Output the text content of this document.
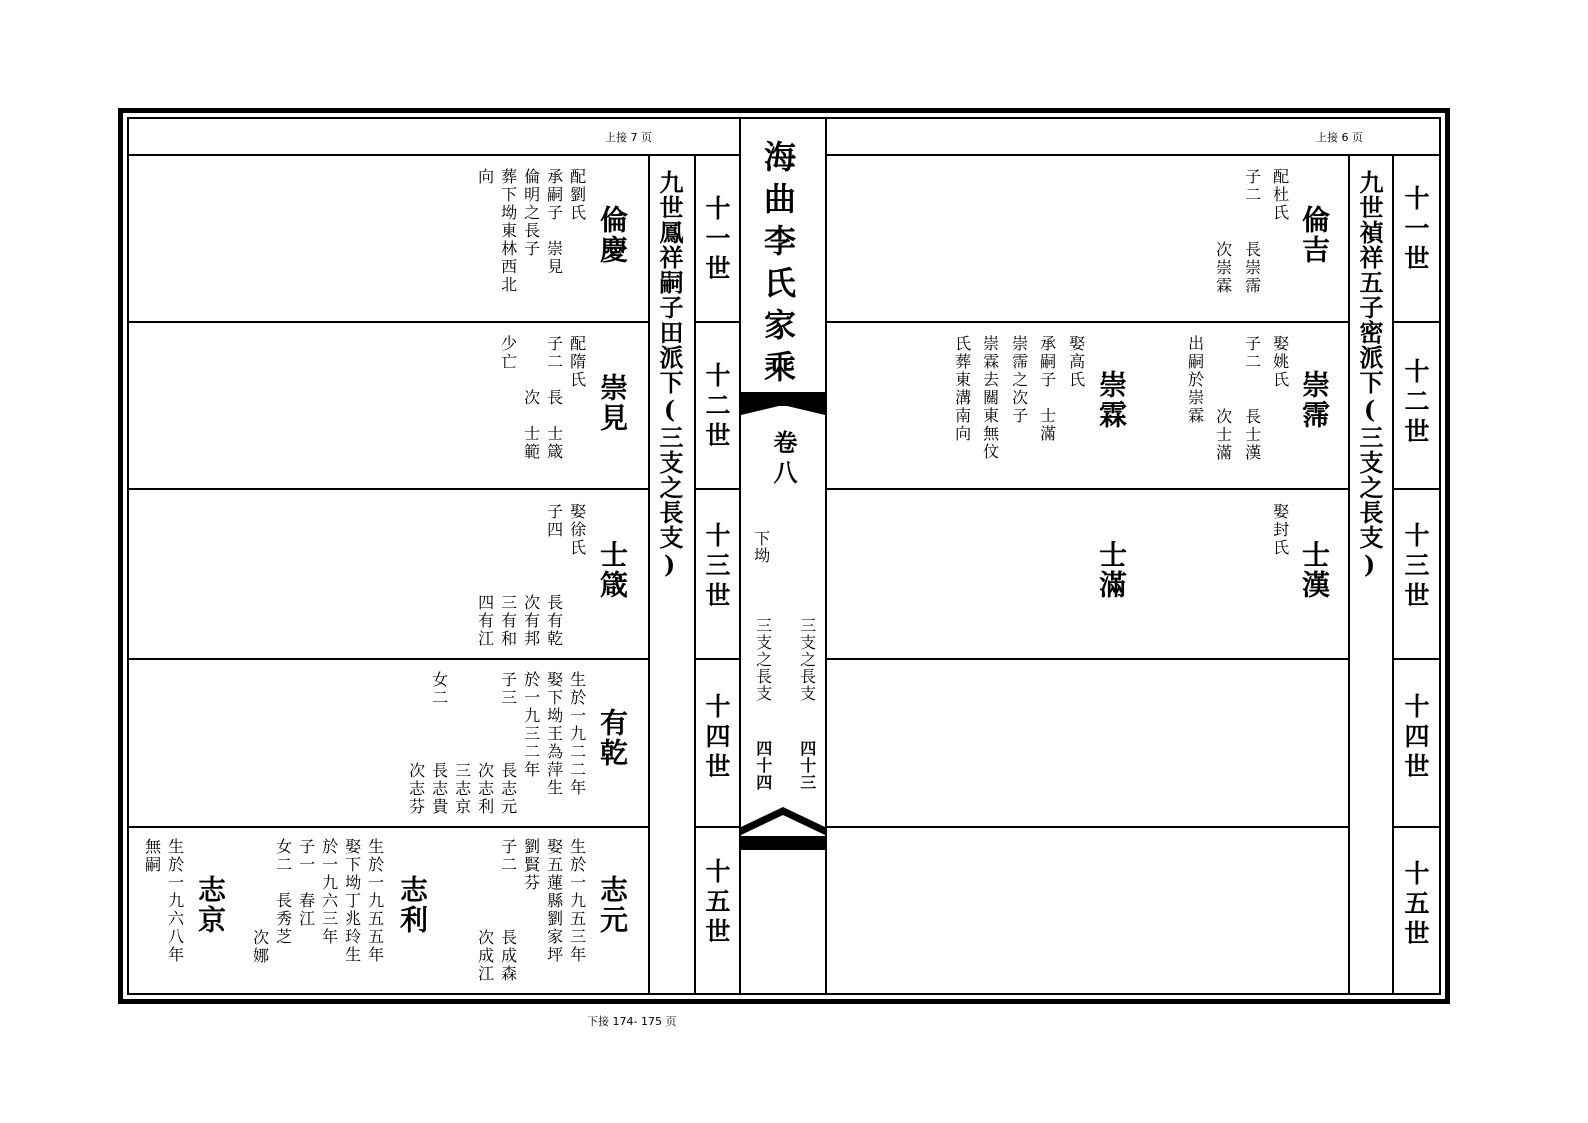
海曲李氏家乘
卷八
下坳
三支之長支
三支之長支
四十三
四十四
上接 7 页	上接 6 页
下接 174- 175 页
九世鳳祥嗣子田派下(三支之長支) 十一世
十二世
十三世
十四世
十五世
倫慶
配劉氏
承嗣子　崇見
倫明之長子
葬下坳東林西北
向
崇見
配隋氏
子二　長　士箴
　　　次　士範
少亡
士箴
娶徐氏
子四
　　　長有乾
　　　次有邦
　　　三有和
　　　四有江
有乾
生於一九二二年
娶下坳王為萍生
於一九三二年
子三
　　　長志元
　　　次志利
　　　三志京
女二
　　　長志貴
　　　次志芬
志元
生於一九五三年
娶五蓮縣劉家坪
劉賢芬
子二
　　　長成森
　　　次成江
志利
生於一九五五年
娶下坳丁兆玲生
於一九六三年
子一　春江
女二　長秀芝
　　　次娜
志京
生於一九六八年
無嗣
九世禎祥五子密派下(三支之長支) 十一世
十二世
十三世
十四世
十五世
倫吉
配杜氏
子二
　　長崇霈
　　次崇霖
崇霈
娶姚氏
子二
　　長士漢
　　次士滿
出嗣於崇霖
崇霖
娶高氏
承嗣子　士滿
崇霈之次子
崇霖去關東無伩
氏葬東溝南向
士漢
娶封氏
士滿
